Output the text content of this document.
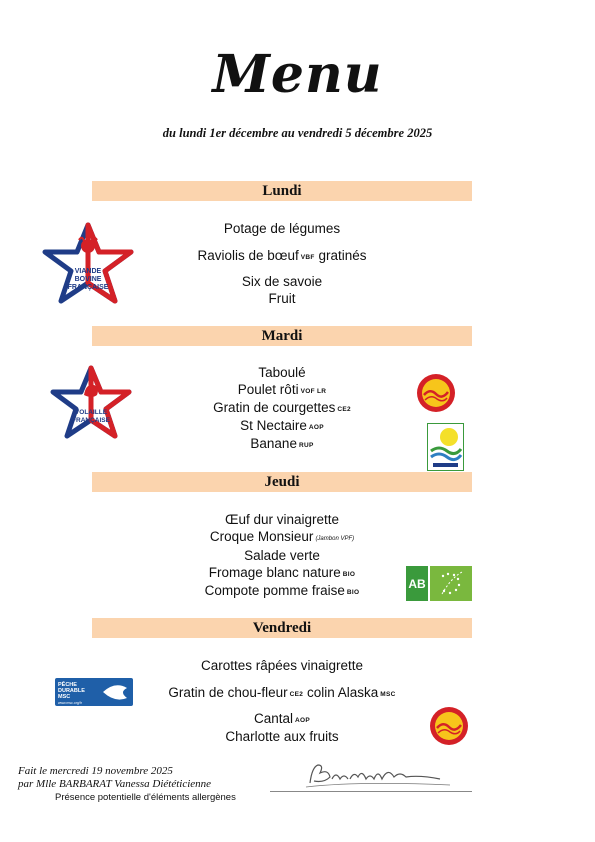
Menu
du lundi 1er décembre au vendredi 5 décembre 2025
Lundi
Potage de légumes
Raviolis de bœuf VBF gratinés
Six de savoie
Fruit
VIANDE
BOVINE
FRANÇAISE
Mardi
Taboulé
Poulet rôti VOF LR
Gratin de courgettes CE2
St Nectaire AOP
Banane RUP
VOLAILLE
FRANÇAISE
Jeudi
Œuf dur vinaigrette
Croque Monsieur (Jambon VPF)
Salade verte
Fromage blanc nature BIO
Compote pomme fraise BIO
AB
Vendredi
Carottes râpées vinaigrette
Gratin de chou-fleur CE2 colin Alaska MSC
Cantal AOP
Charlotte aux fruits
PÊCHE
DURABLE
MSC
www.msc.org/fr
Fait le mercredi 19 novembre 2025
par Mlle BARBARAT Vanessa Diététicienne
Présence potentielle d'éléments allergènes
